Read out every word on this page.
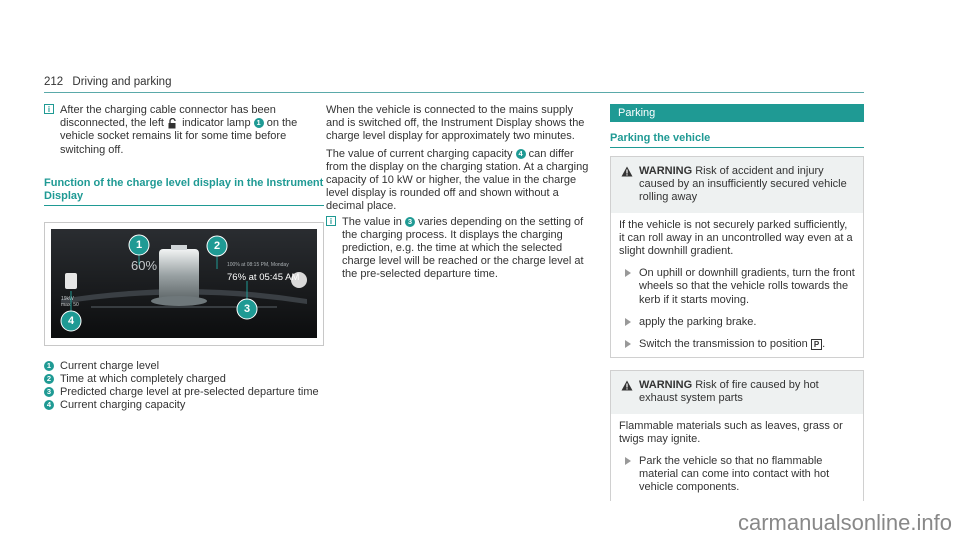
212 Driving and parking
i After the charging cable connector has been disconnected, the left indicator lamp 1 on the vehicle socket remains lit for some time before switching off.
Function of the charge level display in the Instrument Display
60%	100% at 08:15 PM, Monday
76% at 05:45 AM
19kW
max. 50
1	2
3
4
1 Current charge level
2 Time at which completely charged
3 Predicted charge level at pre-selected departure time
4 Current charging capacity

When the vehicle is connected to the mains supply and is switched off, the Instrument Display shows the charge level display for approximately two minutes.

The value of current charging capacity 4 can differ from the display on the charging station. At a charging capacity of 10 kW or higher, the value in the charge level display is rounded off and shown without a decimal place.

i The value in 3 varies depending on the setting of the charging process. It displays the charging prediction, e.g. the time at which the selected charge level will be reached or the charge level at the pre-selected departure time.
Parking
Parking the vehicle
WARNING Risk of accident and injury caused by an insufficiently secured vehicle rolling away
If the vehicle is not securely parked sufficiently, it can roll away in an uncontrolled way even at a slight downhill gradient.
On uphill or downhill gradients, turn the front wheels so that the vehicle rolls towards the kerb if it starts moving.
apply the parking brake.
Switch the transmission to position P .
WARNING Risk of fire caused by hot exhaust system parts
Flammable materials such as leaves, grass or twigs may ignite.
Park the vehicle so that no flammable material can come into contact with hot vehicle components.
carmanualsonline.info
